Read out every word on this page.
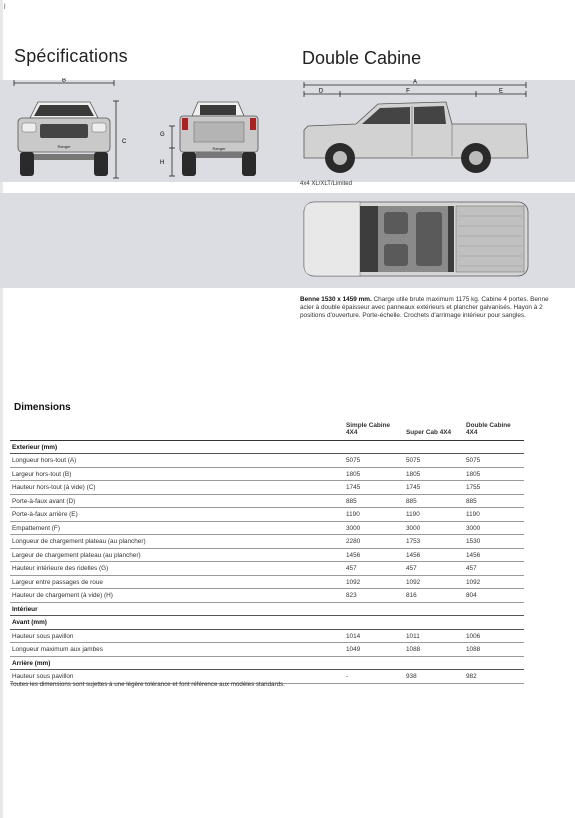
l
Spécifications	Double Cabine
B
C
Ranger
G
H
Ranger
A
D	F	E
4x4 XL/XLT/Limited
Benne 1530 x 1459 mm. Charge utile brute maximum 1175 kg. Cabine 4 portes. Benne acier à double épaisseur avec panneaux extérieurs et plancher galvanisés. Hayon à 2 positions d'ouverture. Porte-échelle. Crochets d'arrimage intérieur pour sangles.
Dimensions
	Simple Cabine 4X4	Super Cab 4X4	Double Cabine 4X4
Exterieur (mm)			
Longueur hors-tout (A)	5075	5075	5075
Largeur hors-tout (B)	1805	1805	1805
Hauteur hors-tout (à vide) (C)	1745	1745	1755
Porte-à-faux avant (D)	885	885	885
Porte-à-faux arrière (E)	1190	1190	1190
Empattement (F)	3000	3000	3000
Longueur de chargement plateau (au plancher)	2280	1753	1530
Largeur de chargement plateau (au plancher)	1456	1456	1456
Hauteur intérieure des ridelles (G)	457	457	457
Largeur entre passages de roue	1092	1092	1092
Hauteur de chargement (à vide) (H)	823	816	804
Intérieur			
Avant (mm)			
Hauteur sous pavillon	1014	1011	1006
Longueur maximum aux jambes	1049	1088	1088
Arrière (mm)			
Hauteur sous pavillon	-	938	982
Toutes les dimensions sont sujettes à une légère tolérance et font référence aux modèles standards.
